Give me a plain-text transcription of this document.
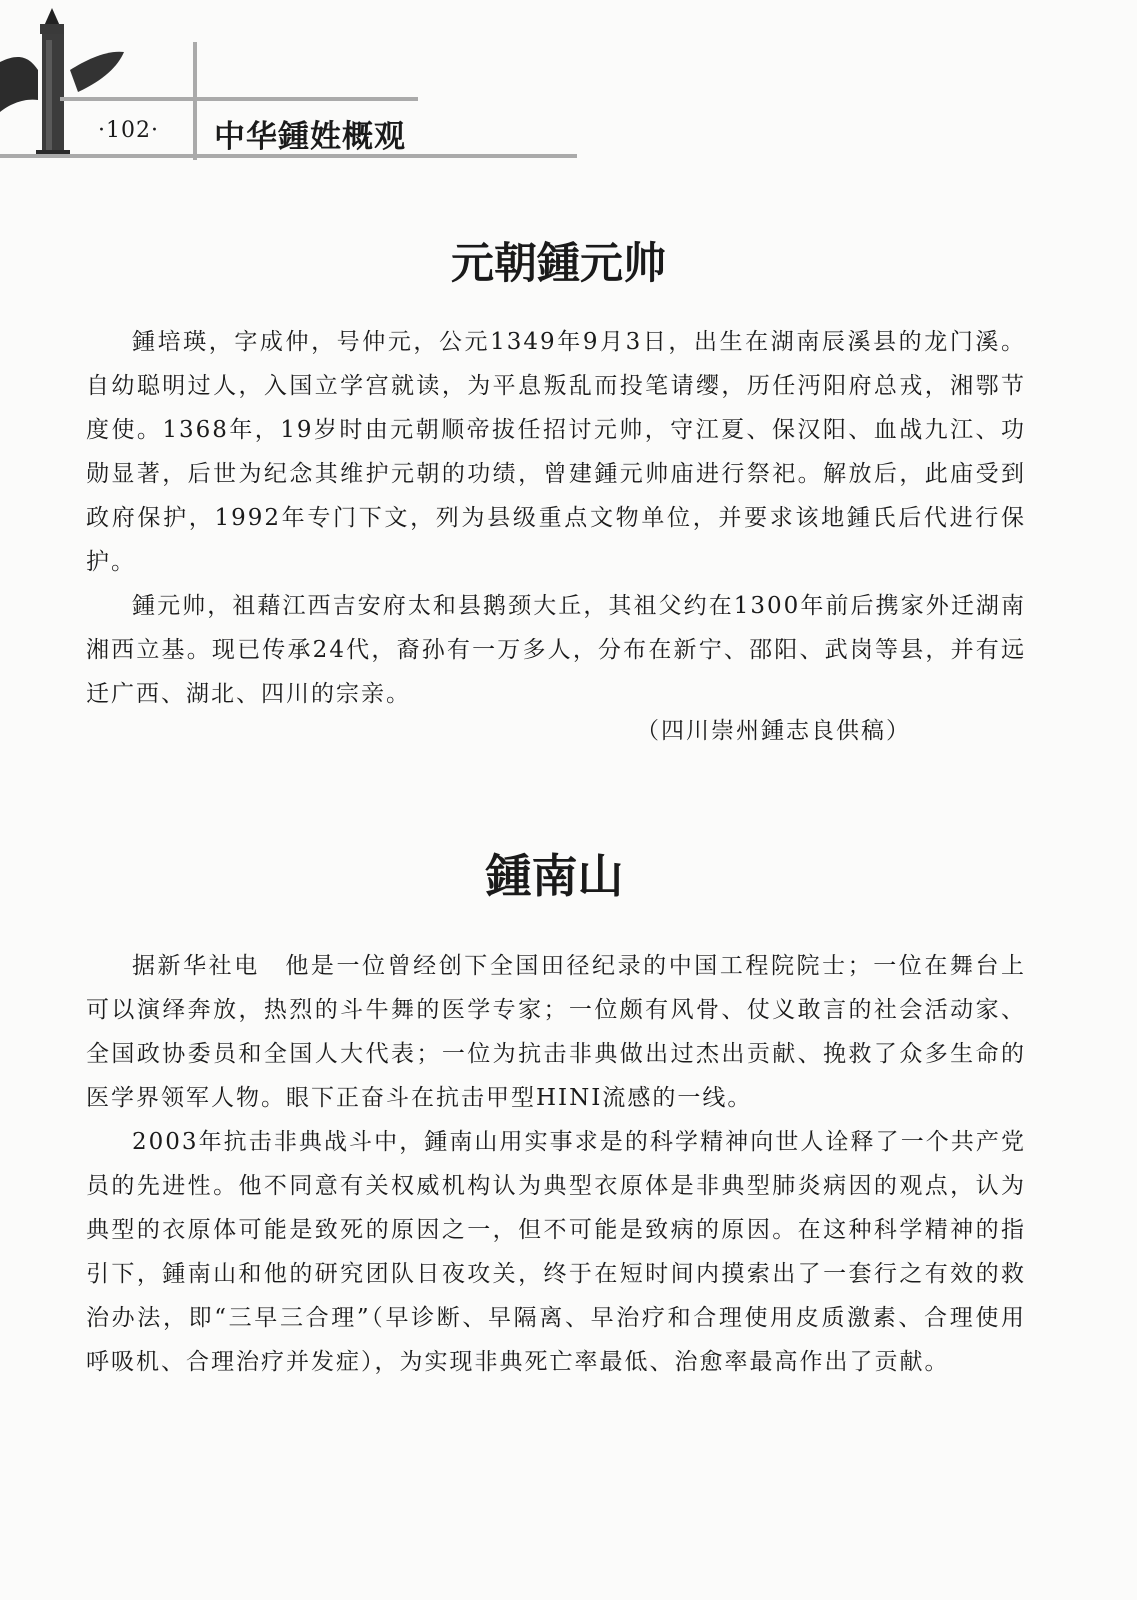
·102· 中华鍾姓概观
元朝鍾元帅

鍾培瑛，字成仲，号仲元，公元1349年9月3日，出生在湖南辰溪县的龙门溪。自幼聪明过人，入国立学宫就读，为平息叛乱而投笔请缨，历任沔阳府总戎，湘鄂节度使。1368年，19岁时由元朝顺帝拔任招讨元帅，守江夏、保汉阳、血战九江、功勋显著，后世为纪念其维护元朝的功绩，曾建鍾元帅庙进行祭祀。解放后，此庙受到政府保护，1992年专门下文，列为县级重点文物单位，并要求该地鍾氏后代进行保护。

鍾元帅，祖藉江西吉安府太和县鹅颈大丘，其祖父约在1300年前后携家外迁湖南湘西立基。现已传承24代，裔孙有一万多人，分布在新宁、邵阳、武岗等县，并有远迁广西、湖北、四川的宗亲。

（四川崇州鍾志良供稿）
鍾南山

据新华社电　他是一位曾经创下全国田径纪录的中国工程院院士；一位在舞台上可以演绎奔放，热烈的斗牛舞的医学专家；一位颇有风骨、仗义敢言的社会活动家、全国政协委员和全国人大代表；一位为抗击非典做出过杰出贡献、挽救了众多生命的医学界领军人物。眼下正奋斗在抗击甲型HINI流感的一线。

2003年抗击非典战斗中，鍾南山用实事求是的科学精神向世人诠释了一个共产党员的先进性。他不同意有关权威机构认为典型衣原体是非典型肺炎病因的观点，认为典型的衣原体可能是致死的原因之一，但不可能是致病的原因。在这种科学精神的指引下，鍾南山和他的研究团队日夜攻关，终于在短时间内摸索出了一套行之有效的救治办法，即“三早三合理”（早诊断、早隔离、早治疗和合理使用皮质激素、合理使用呼吸机、合理治疗并发症），为实现非典死亡率最低、治愈率最高作出了贡献。
